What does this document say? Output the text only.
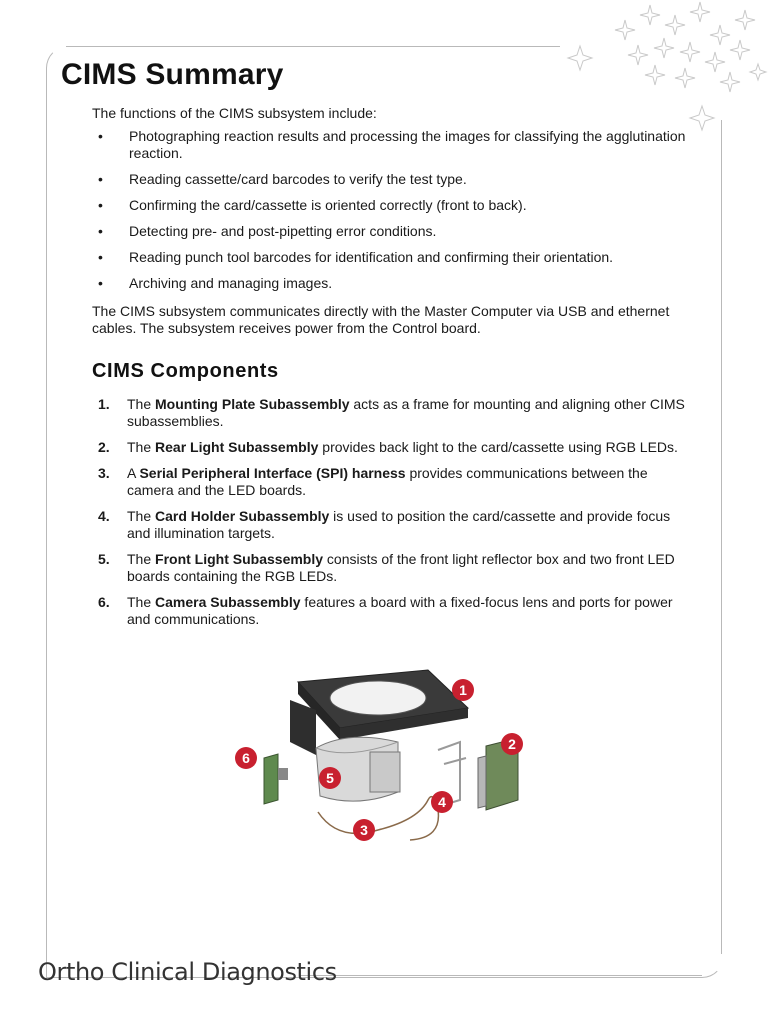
CIMS Summary

The functions of the CIMS subsystem include:

• Photographing reaction results and processing the images for classifying the agglutination reaction.
• Reading cassette/card barcodes to verify the test type.
• Confirming the card/cassette is oriented correctly (front to back).
• Detecting pre- and post-pipetting error conditions.
• Reading punch tool barcodes for identification and confirming their orientation.
• Archiving and managing images.

The CIMS subsystem communicates directly with the Master Computer via USB and ethernet cables. The subsystem receives power from the Control board.

CIMS Components
1. The Mounting Plate Subassembly acts as a frame for mounting and aligning other CIMS subassemblies.
2. The Rear Light Subassembly provides back light to the card/cassette using RGB LEDs.
3. A Serial Peripheral Interface (SPI) harness provides communications between the camera and the LED boards.
4. The Card Holder Subassembly is used to position the card/cassette and provide focus and illumination targets.
5. The Front Light Subassembly consists of the front light reflector box and two front LED boards containing the RGB LEDs.
6. The Camera Subassembly features a board with a fixed-focus lens and ports for power and communications.
1
2
3
4
5
6
Ortho Clinical Diagnostics
